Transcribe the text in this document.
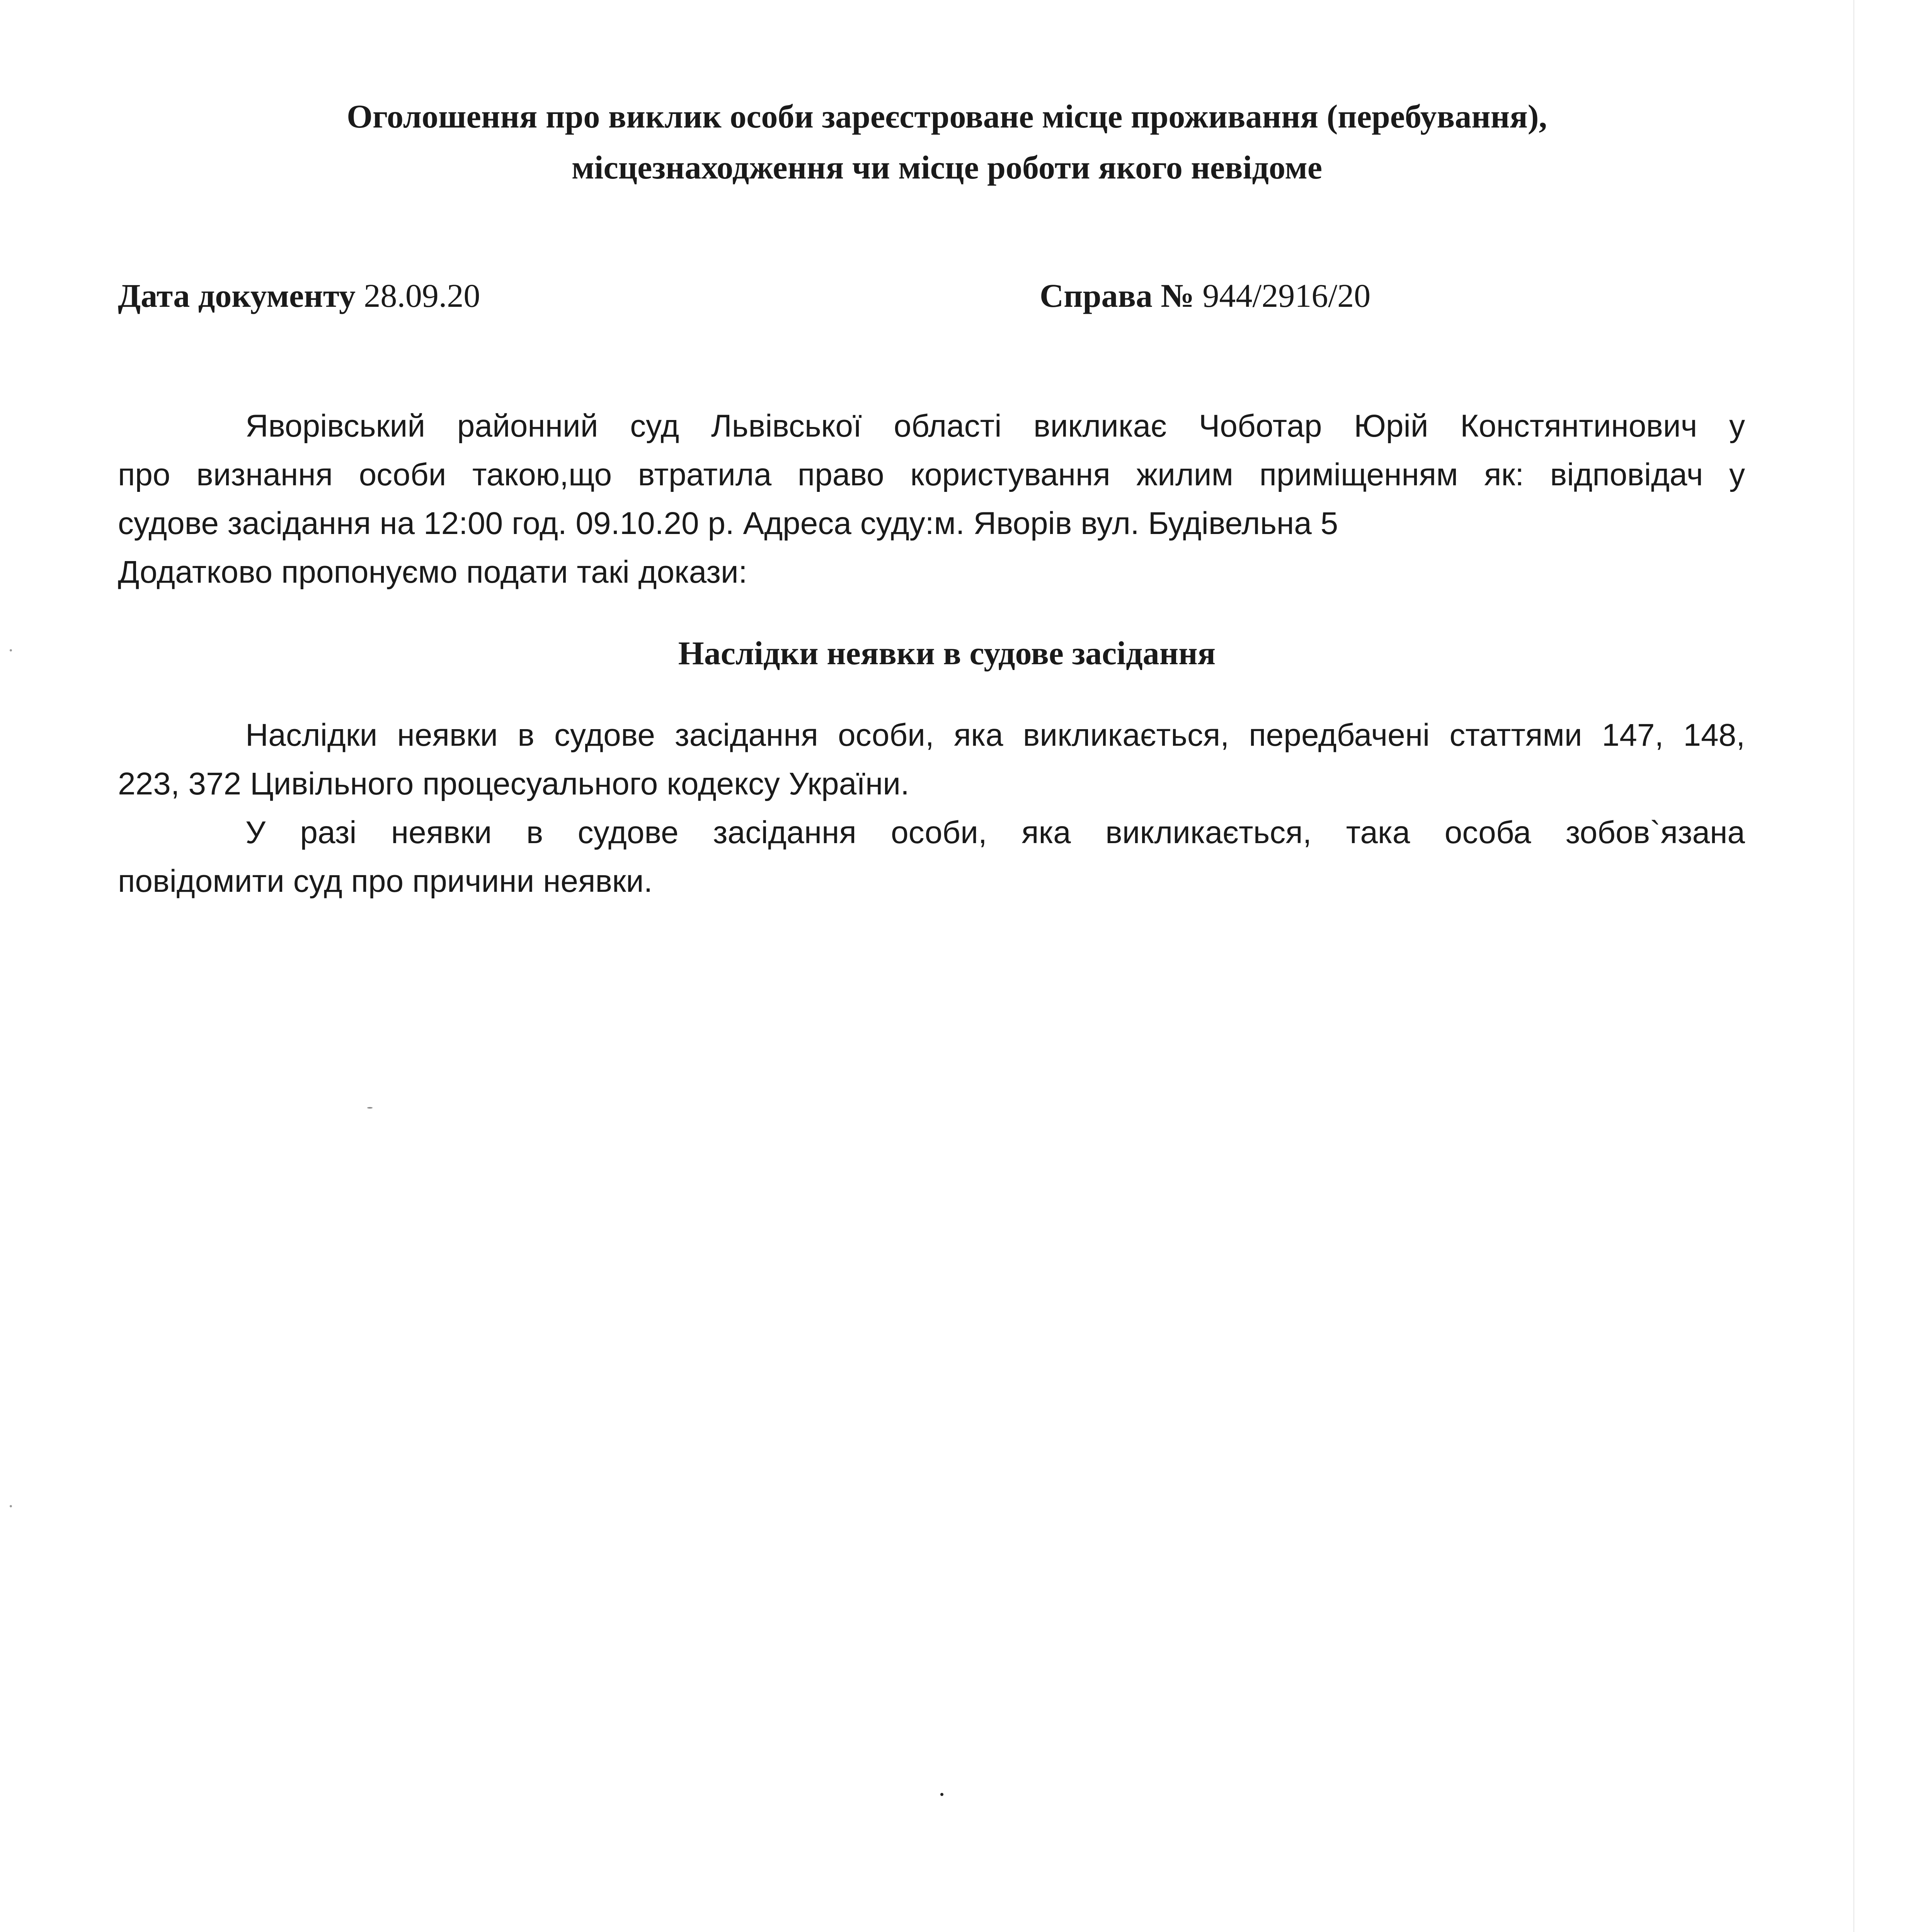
Оголошення про виклик особи зареєстроване місце проживання (перебування),
місцезнаходження чи місце роботи якого невідоме
Дата документу 28.09.20	Справа № 944/2916/20
Яворівський районний суд Львівської області викликає Чоботар Юрій Констянтинович у
про визнання особи такою,що втратила право користування жилим приміщенням як: відповідач у
судове засідання на 12:00 год. 09.10.20 р. Адреса суду:м. Яворів вул. Будівельна 5
Додатково пропонуємо подати такі докази:
Наслідки неявки в судове засідання
Наслідки неявки в судове засідання особи, яка викликається, передбачені статтями 147, 148,
223, 372 Цивільного процесуального кодексу України.
У разі неявки в судове засідання особи, яка викликається, така особа зобов`язана
повідомити суд про причини неявки.
